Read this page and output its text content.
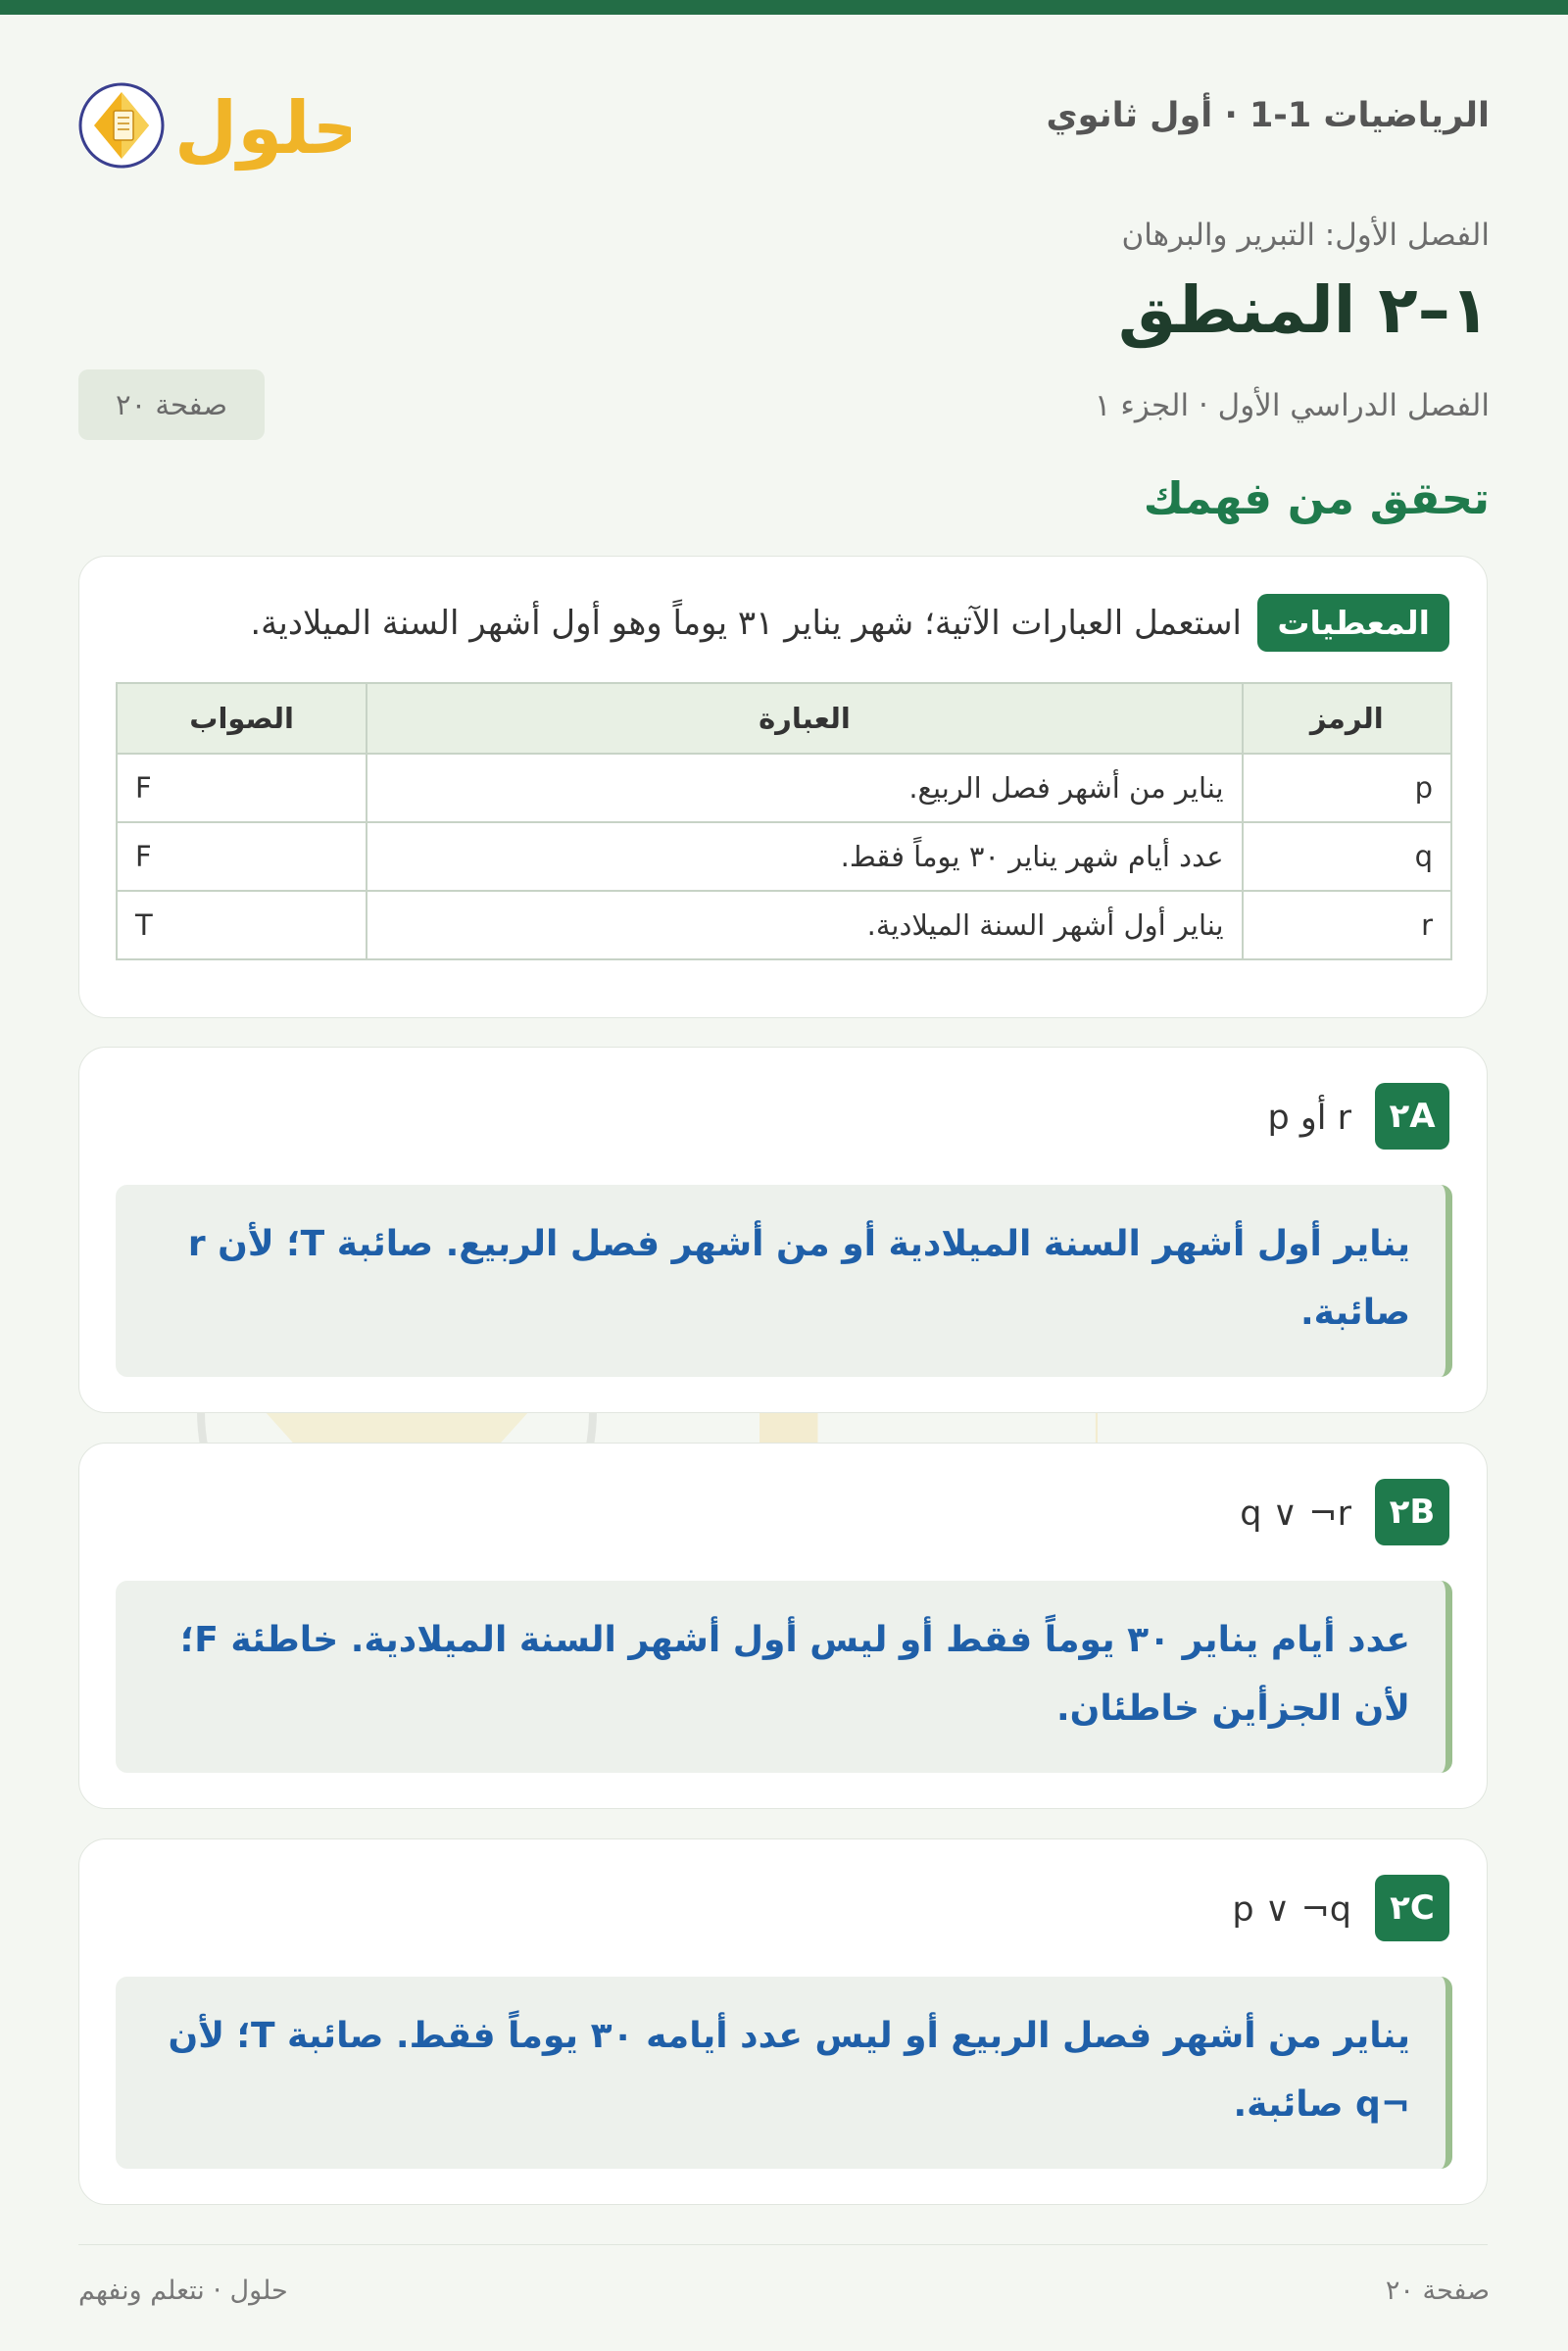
الرياضيات 1-1 · أول ثانوي
حلول
الفصل الأول: التبرير والبرهان
١–٢ المنطق
الفصل الدراسي الأول · الجزء ١
صفحة ٢٠
تحقق من فهمك
المعطيات
استعمل العبارات الآتية؛ شهر يناير ٣١ يوماً وهو أول أشهر السنة الميلادية.
الرمز	العبارة	الصواب
p	يناير من أشهر فصل الربيع.	F
q	عدد أيام شهر يناير ٣٠ يوماً فقط.	F
r	يناير أول أشهر السنة الميلادية.	T
٢A
p أو r
يناير أول أشهر السنة الميلادية أو من أشهر فصل الربيع. صائبة T؛ لأن r صائبة.
٢B
q ∨ ¬r
عدد أيام يناير ٣٠ يوماً فقط أو ليس أول أشهر السنة الميلادية. خاطئة F؛ لأن الجزأين خاطئان.
٢C
p ∨ ¬q
يناير من أشهر فصل الربيع أو ليس عدد أيامه ٣٠ يوماً فقط. صائبة T؛ لأن ¬q صائبة.
صفحة ٢٠
حلول · نتعلم ونفهم
